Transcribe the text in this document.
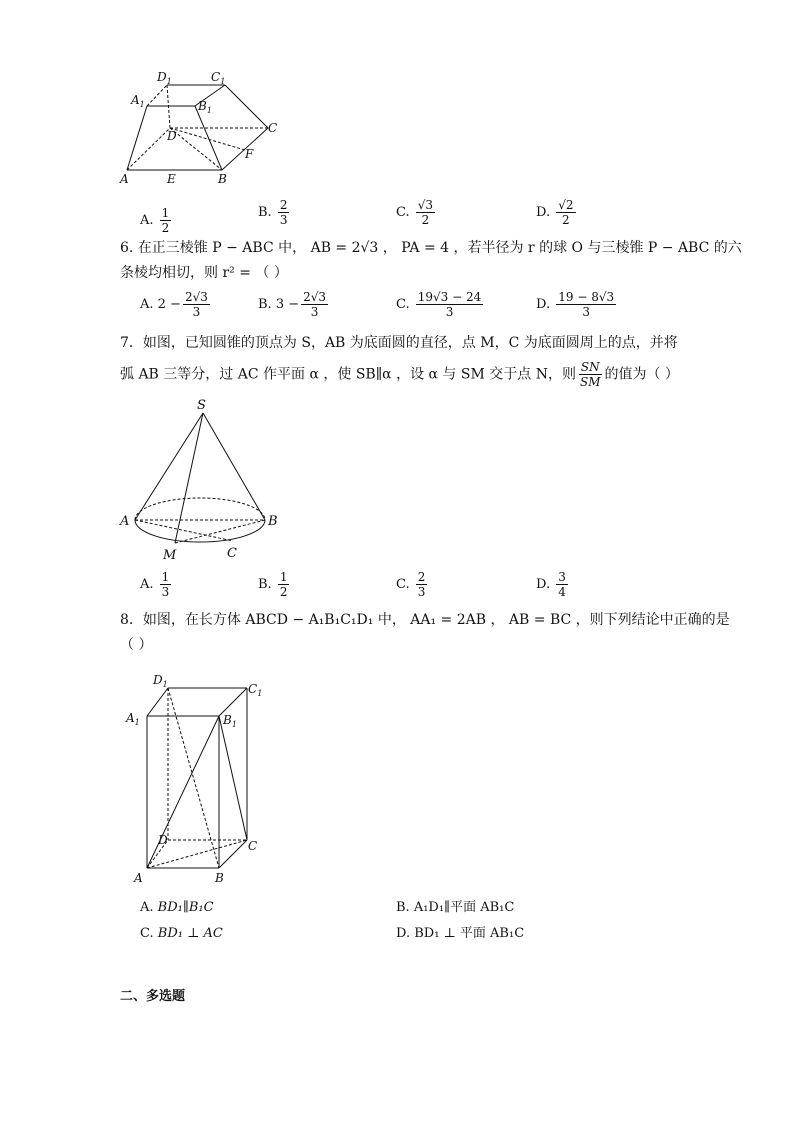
$D_1$	$C_1$
$A_1$	$B_1$
D
C
F
A	E	B
A. $\frac{1}{2}$	B. $\frac{2}{3}$	C. $\frac{√3}{2}$	D. $\frac{√2}{2}$
6. 在正三棱锥 P − ABC 中， AB = 2√3 ， PA = 4 ，若半径为 r 的球 O 与三棱锥 P − ABC 的六
条棱均相切，则 r² = （ ）
A. $2 - \frac{2√3}{3}$	B. $3 - \frac{2√3}{3}$	C. $\frac{19√3 - 24}{3}$	D. $\frac{19 - 8√3}{3}$
7．如图，已知圆锥的顶点为 S，AB 为底面圆的直径，点 M，C 为底面圆周上的点，并将
弧 AB 三等分，过 AC 作平面 α ，使 SB∥α ，设 α 与 SM 交于点 N，则 $\frac{SN}{SM}$ 的值为（ ）
S
A	B
M	C
A. $\frac{1}{3}$	B. $\frac{1}{2}$	C. $\frac{2}{3}$	D. $\frac{3}{4}$
8．如图，在长方体 ABCD − A₁B₁C₁D₁ 中， AA₁ = 2AB ， AB = BC ，则下列结论中正确的是
（ ）
$D_1$	$C_1$
$A_1$	$B_1$
D	C
A	B
A. BD₁∥B₁C	B. A₁D₁∥平面 AB₁C
C. BD₁ ⊥ AC	D. BD₁ ⊥ 平面 AB₁C
二、多选题
